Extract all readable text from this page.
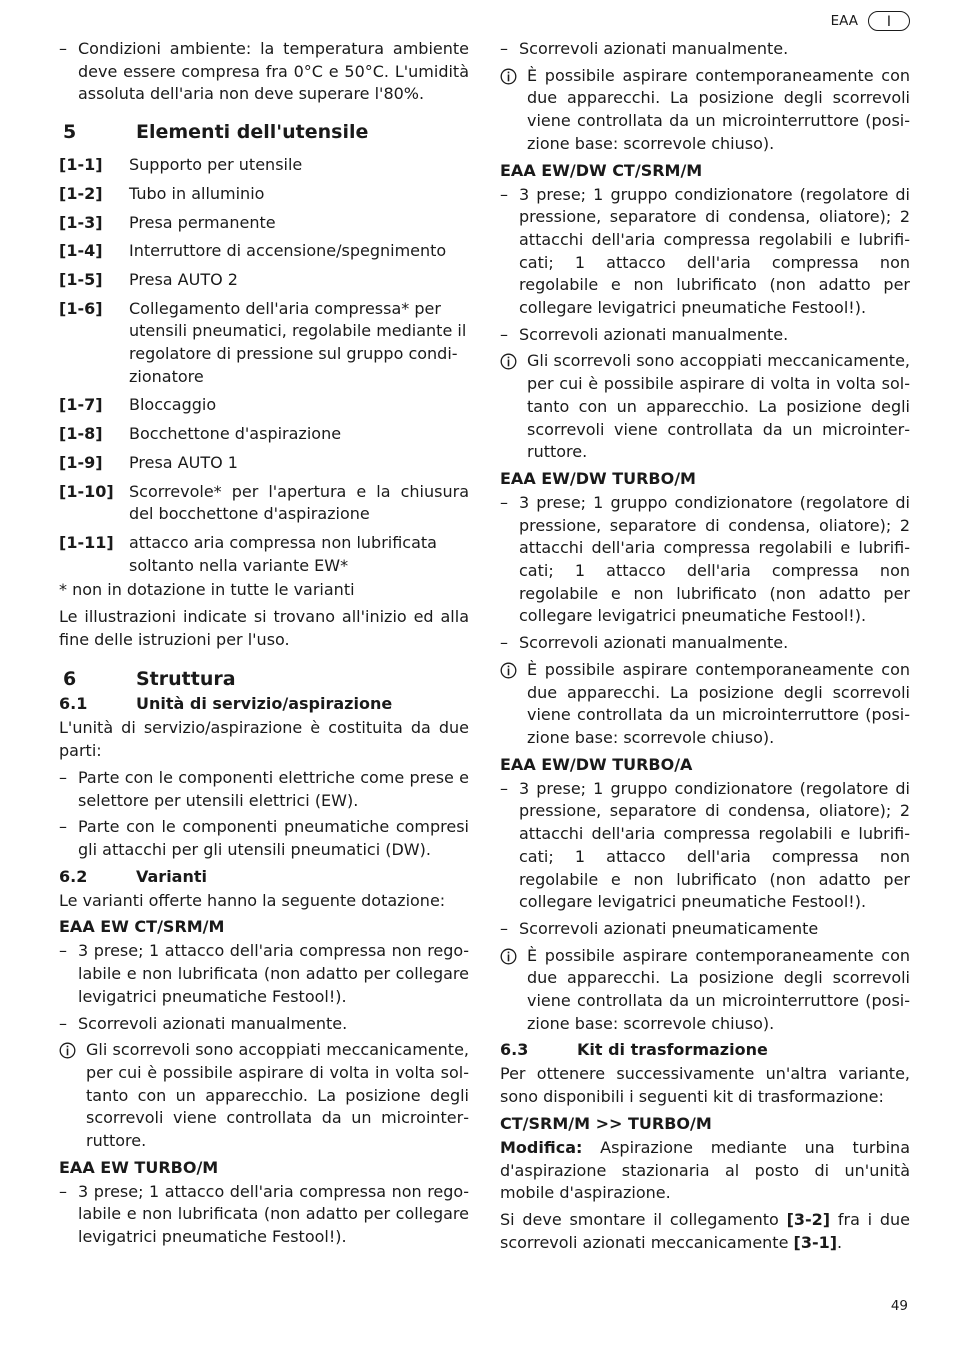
EAA	I
– Condizioni ambiente: la temperatura ambiente deve essere compresa fra 0°C e 50°C. L'umidità assoluta dell'aria non deve superare l'80%.
5	Elementi dell'utensile
[1-1]	Supporto per utensile
[1-2]	Tubo in alluminio
[1-3]	Presa permanente
[1-4]	Interruttore di accensione/spegnimento
[1-5]	Presa AUTO 2
[1-6]	Collegamento dell'aria compressa* per utensili pneumatici, regolabile mediante il regolatore di pressione sul gruppo condizionatore
[1-7]	Bloccaggio
[1-8]	Bocchettone d'aspirazione
[1-9]	Presa AUTO 1
[1-10] Scorrevole* per l'apertura e la chiusura del bocchettone d'aspirazione
[1-11] attacco aria compressa non lubrificata soltanto nella variante EW*

* non in dotazione in tutte le varianti

Le illustrazioni indicate si trovano all'inizio ed alla fine delle istruzioni per l'uso.

6	Struttura
6.1	Unità di servizio/aspirazione

L'unità di servizio/aspirazione è costituita da due parti:

– Parte con le componenti elettriche come prese e selettore per utensili elettrici (EW).
– Parte con le componenti pneumatiche compresi gli attacchi per gli utensili pneumatici (DW).
6.2	Varianti

Le varianti offerte hanno la seguente dotazione:

EAA EW CT/SRM/M
– 3 prese; 1 attacco dell'aria compressa non regolabile e non lubrificata (non adatto per collegare levigatrici pneumatiche Festool!).
– Scorrevoli azionati manualmente.
Gli scorrevoli sono accoppiati meccanicamente, per cui è possibile aspirare di volta in volta soltanto con un apparecchio. La posizione degli scorrevoli viene controllata da un microinterruttore.
EAA EW TURBO/M
– 3 prese; 1 attacco dell'aria compressa non regolabile e non lubrificata (non adatto per collegare levigatrici pneumatiche Festool!).
– Scorrevoli azionati manualmente.
È possibile aspirare contemporaneamente con due apparecchi. La posizione degli scorrevoli viene controllata da un microinterruttore (posizione base: scorrevole chiuso).
EAA EW/DW CT/SRM/M
– 3 prese; 1 gruppo condizionatore (regolatore di pressione, separatore di condensa, oliatore); 2 attacchi dell'aria compressa regolabili e lubrificati; 1 attacco dell'aria compressa non regolabile e non lubrificato (non adatto per collegare levigatrici pneumatiche Festool!).
– Scorrevoli azionati manualmente.
Gli scorrevoli sono accoppiati meccanicamente, per cui è possibile aspirare di volta in volta soltanto con un apparecchio. La posizione degli scorrevoli viene controllata da un microinterruttore.
EAA EW/DW TURBO/M
– 3 prese; 1 gruppo condizionatore (regolatore di pressione, separatore di condensa, oliatore); 2 attacchi dell'aria compressa regolabili e lubrificati; 1 attacco dell'aria compressa non regolabile e non lubrificato (non adatto per collegare levigatrici pneumatiche Festool!).
– Scorrevoli azionati manualmente.
È possibile aspirare contemporaneamente con due apparecchi. La posizione degli scorrevoli viene controllata da un microinterruttore (posizione base: scorrevole chiuso).
EAA EW/DW TURBO/A
– 3 prese; 1 gruppo condizionatore (regolatore di pressione, separatore di condensa, oliatore); 2 attacchi dell'aria compressa regolabili e lubrificati; 1 attacco dell'aria compressa non regolabile e non lubrificato (non adatto per collegare levigatrici pneumatiche Festool!).
– Scorrevoli azionati pneumaticamente
È possibile aspirare contemporaneamente con due apparecchi. La posizione degli scorrevoli viene controllata da un microinterruttore (posizione base: scorrevole chiuso).
6.3	Kit di trasformazione

Per ottenere successivamente un'altra variante, sono disponibili i seguenti kit di trasformazione:

CT/SRM/M >> TURBO/M

Modifica: Aspirazione mediante una turbina d'aspirazione stazionaria al posto di un'unità mobile d'aspirazione.

Si deve smontare il collegamento [3-2] fra i due scorrevoli azionati meccanicamente [3-1].

49
